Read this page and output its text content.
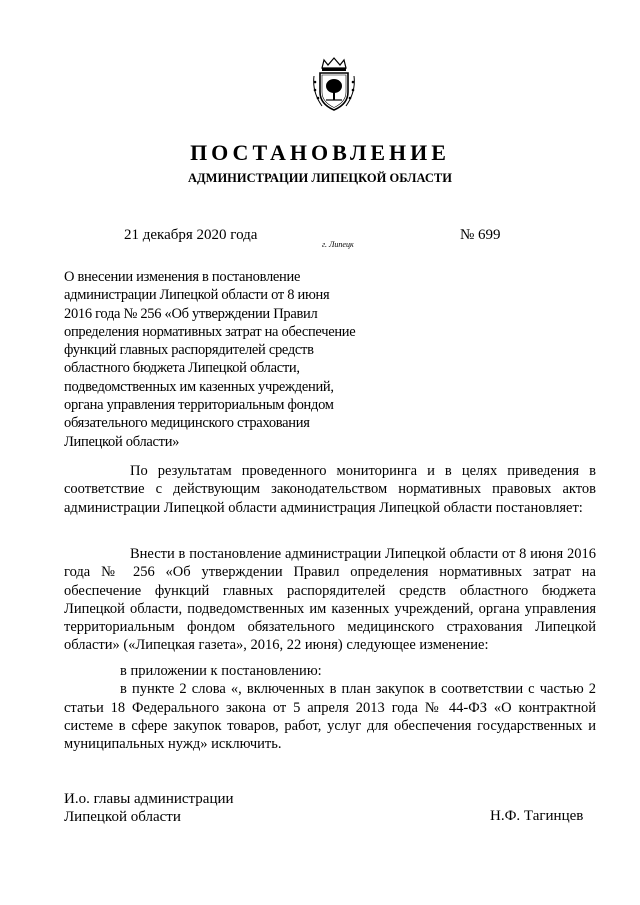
ПОСТАНОВЛЕНИЕ
АДМИНИСТРАЦИИ ЛИПЕЦКОЙ ОБЛАСТИ
21 декабря 2020 года
г. Липецк
№ 699
О внесении изменения в постановление
администрации Липецкой области от 8 июня
2016 года № 256 «Об утверждении Правил
определения нормативных затрат на обеспечение
функций главных распорядителей средств
областного бюджета Липецкой области,
подведомственных им казенных учреждений,
органа управления территориальным фондом
обязательного медицинского страхования
Липецкой области»

По результатам проведенного мониторинга и в целях приведения в соответствие с действующим законодательством нормативных правовых актов администрации Липецкой области администрация Липецкой области постановляет:

Внести в постановление администрации Липецкой области от 8 июня 2016 года № 256 «Об утверждении Правил определения нормативных затрат на обеспечение функций главных распорядителей средств областного бюджета Липецкой области, подведомственных им казенных учреждений, органа управления территориальным фондом обязательного медицинского страхования Липецкой области» («Липецкая газета», 2016, 22 июня) следующее изменение:

в приложении к постановлению:

в пункте 2 слова «, включенных в план закупок в соответствии с частью 2 статьи 18 Федерального закона от 5 апреля 2013 года № 44-ФЗ «О контрактной системе в сфере закупок товаров, работ, услуг для обеспечения государственных и муниципальных нужд» исключить.

И.о. главы администрации
Липецкой области	Н.Ф. Тагинцев
